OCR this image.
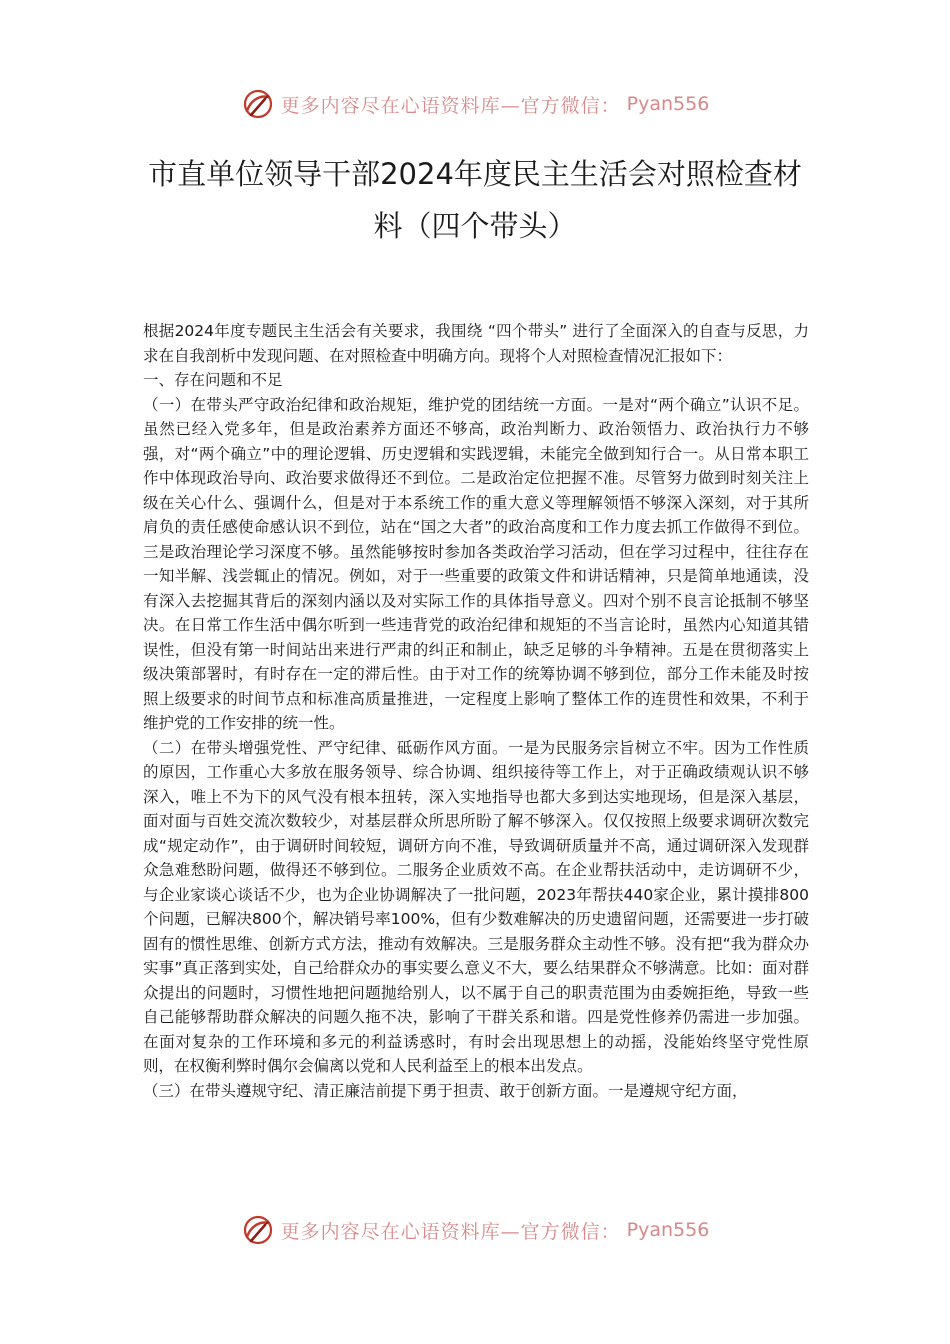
更多内容尽在心语资料库—官方微信： Pyan556
市直单位领导干部2024年度民主生活会对照检查材料（四个带头）

根据2024年度专题民主生活会有关要求，我围绕 “四个带头” 进行了全面深入的自查与反思，力求在自我剖析中发现问题、在对照检查中明确方向。现将个人对照检查情况汇报如下：

一、存在问题和不足

（一）在带头严守政治纪律和政治规矩，维护党的团结统一方面。一是对“两个确立”认识不足。虽然已经入党多年，但是政治素养方面还不够高，政治判断力、政治领悟力、政治执行力不够强，对“两个确立”中的理论逻辑、历史逻辑和实践逻辑，未能完全做到知行合一。从日常本职工作中体现政治导向、政治要求做得还不到位。二是政治定位把握不准。尽管努力做到时刻关注上级在关心什么、强调什么，但是对于本系统工作的重大意义等理解领悟不够深入深刻，对于其所肩负的责任感使命感认识不到位，站在“国之大者”的政治高度和工作力度去抓工作做得不到位。三是政治理论学习深度不够。虽然能够按时参加各类政治学习活动，但在学习过程中，往往存在一知半解、浅尝辄止的情况。例如，对于一些重要的政策文件和讲话精神，只是简单地通读，没有深入去挖掘其背后的深刻内涵以及对实际工作的具体指导意义。四对个别不良言论抵制不够坚决。在日常工作生活中偶尔听到一些违背党的政治纪律和规矩的不当言论时，虽然内心知道其错误性，但没有第一时间站出来进行严肃的纠正和制止，缺乏足够的斗争精神。五是在贯彻落实上级决策部署时，有时存在一定的滞后性。由于对工作的统筹协调不够到位，部分工作未能及时按照上级要求的时间节点和标准高质量推进，一定程度上影响了整体工作的连贯性和效果，不利于维护党的工作安排的统一性。

（二）在带头增强党性、严守纪律、砥砺作风方面。一是为民服务宗旨树立不牢。因为工作性质的原因，工作重心大多放在服务领导、综合协调、组织接待等工作上，对于正确政绩观认识不够深入，唯上不为下的风气没有根本扭转，深入实地指导也都大多到达实地现场，但是深入基层，面对面与百姓交流次数较少，对基层群众所思所盼了解不够深入。仅仅按照上级要求调研次数完成“规定动作”，由于调研时间较短，调研方向不准，导致调研质量并不高，通过调研深入发现群众急难愁盼问题，做得还不够到位。二服务企业质效不高。在企业帮扶活动中，走访调研不少，与企业家谈心谈话不少，也为企业协调解决了一批问题，2023年帮扶440家企业，累计摸排800个问题，已解决800个，解决销号率100%，但有少数难解决的历史遗留问题，还需要进一步打破固有的惯性思维、创新方式方法，推动有效解决。三是服务群众主动性不够。没有把“我为群众办实事”真正落到实处，自己给群众办的事实要么意义不大，要么结果群众不够满意。比如：面对群众提出的问题时，习惯性地把问题抛给别人，以不属于自己的职责范围为由委婉拒绝，导致一些自己能够帮助群众解决的问题久拖不决，影响了干群关系和谐。四是党性修养仍需进一步加强。在面对复杂的工作环境和多元的利益诱惑时，有时会出现思想上的动摇，没能始终坚守党性原则，在权衡利弊时偶尔会偏离以党和人民利益至上的根本出发点。

（三）在带头遵规守纪、清正廉洁前提下勇于担责、敢于创新方面。一是遵规守纪方面，

更多内容尽在心语资料库—官方微信： Pyan556
